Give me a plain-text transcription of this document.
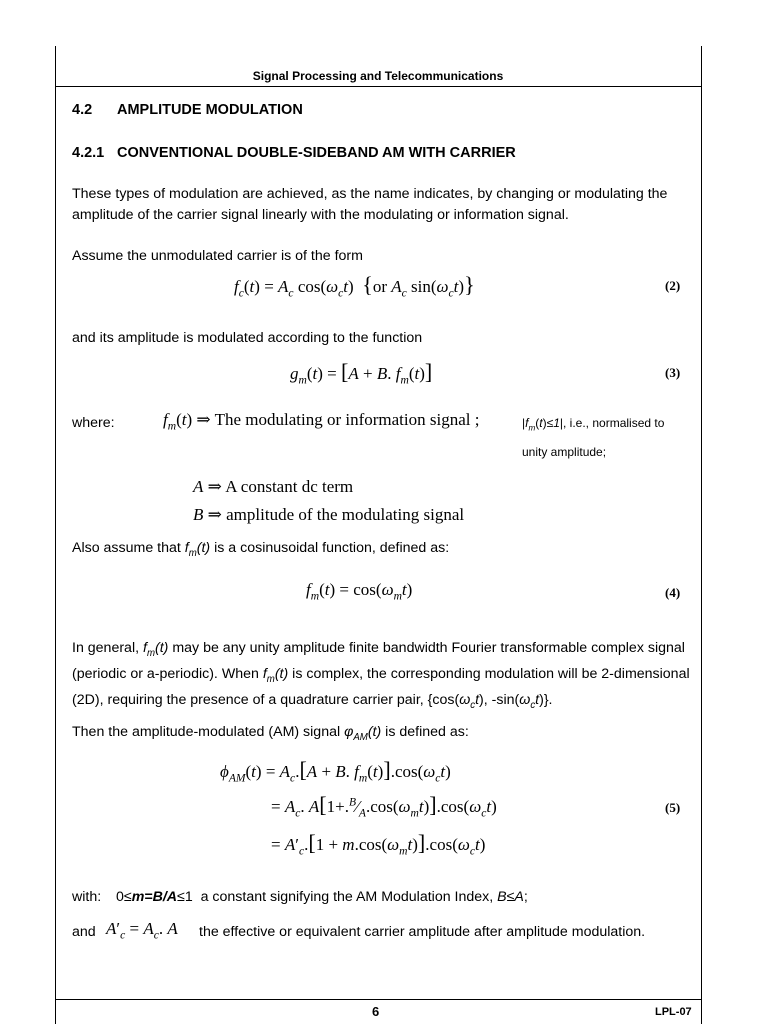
Signal Processing and Telecommunications
4.2 AMPLITUDE MODULATION
4.2.1 CONVENTIONAL DOUBLE-SIDEBAND AM WITH CARRIER
These types of modulation are achieved, as the name indicates, by changing or modulating the amplitude of the carrier signal linearly with the modulating or information signal.
Assume the unmodulated carrier is of the form
$f_c(t) = A_c$ $\cos(\omega_ct)$  {or $A_c$ $\sin(\omega_ct)$}	(2)
and its amplitude is modulated according to the function
$g_m(t) = [A + B$. $f_m(t)$]	(3)
where:	$f_m(t)$ ⇒ The modulating or information signal ;	$|f_m(t)\le 1|$, i.e., normalised to unity amplitude;
A ⇒ A constant dc term
B ⇒ amplitude of the modulating signal
Also assume that $f_m(t)$ is a cosinusoidal function, defined as:
$f_m(t) = \cos(\omega_mt)$	(4)
In general, $f_m(t)$ may be any unity amplitude finite bandwidth Fourier transformable complex signal (periodic or a-periodic). When $f_m(t)$ is complex, the corresponding modulation will be 2-dimensional (2D), requiring the presence of a quadrature carrier pair, {$\cos(\omega_ct)$, $-\sin(\omega_ct)$}.
Then the amplitude-modulated (AM) signal $\varphi_{AM}(t)$ is defined as:
$\phi_{AM}(t) = A_c.[A + B$. $f_m(t)].\cos(\omega_ct)$
= $A_c$. $A[1+.^B⁄_A.\cos(\omega_mt)].\cos(\omega_ct)$	(5)
= $A'_c.[1 + m.\cos(\omega_mt)].\cos(\omega_ct)$
with: 0≤m=B/A≤1  a constant signifying the AM Modulation Index, B≤A;
and $A'_c = A_c$. A the effective or equivalent carrier amplitude after amplitude modulation.
6	LPL-07
